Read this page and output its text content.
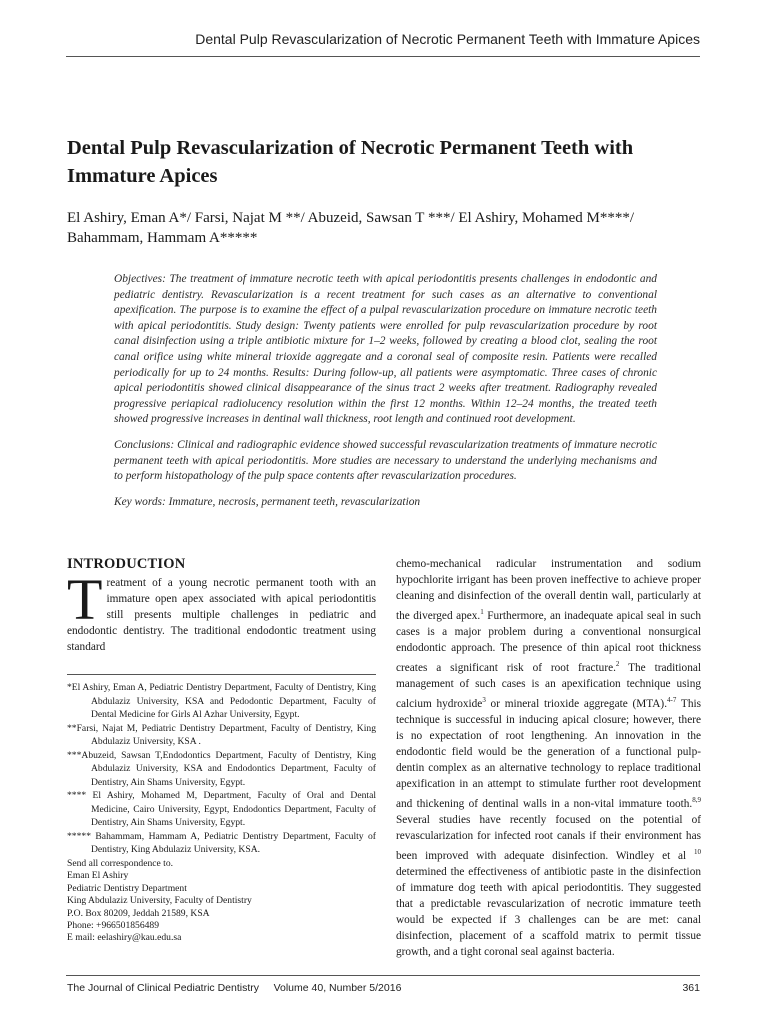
Dental Pulp Revascularization of Necrotic Permanent Teeth with Immature Apices
Dental Pulp Revascularization of Necrotic Permanent Teeth with Immature Apices

El Ashiry, Eman A*/ Farsi, Najat M **/ Abuzeid, Sawsan T ***/ El Ashiry, Mohamed M****/ Bahammam, Hammam A*****

Objectives: The treatment of immature necrotic teeth with apical periodontitis presents challenges in endodontic and pediatric dentistry. Revascularization is a recent treatment for such cases as an alternative to conventional apexification. The purpose is to examine the effect of a pulpal revascularization procedure on immature necrotic teeth with apical periodontitis. Study design: Twenty patients were enrolled for pulp revascularization procedure by root canal disinfection using a triple antibiotic mixture for 1–2 weeks, followed by creating a blood clot, sealing the root canal orifice using white mineral trioxide aggregate and a coronal seal of composite resin. Patients were recalled periodically for up to 24 months. Results: During follow-up, all patients were asymptomatic. Three cases of chronic apical periodontitis showed clinical disappearance of the sinus tract 2 weeks after treatment. Radiography revealed progressive periapical radiolucency resolution within the first 12 months. Within 12–24 months, the treated teeth showed progressive increases in dentinal wall thickness, root length and continued root development.

Conclusions: Clinical and radiographic evidence showed successful revascularization treatments of immature necrotic permanent teeth with apical periodontitis. More studies are necessary to understand the underlying mechanisms and to perform histopathology of the pulp space contents after revascularization procedures.

Key words: Immature, necrosis, permanent teeth, revascularization

INTRODUCTION

Treatment of a young necrotic permanent tooth with an immature open apex associated with apical periodontitis still presents multiple challenges in pediatric and endodontic dentistry. The traditional endodontic treatment using standard

*El Ashiry, Eman A, Pediatric Dentistry Department, Faculty of Dentistry, King Abdulaziz University, KSA and Pedodontic Department, Faculty of Dental Medicine for Girls Al Azhar University, Egypt.

**Farsi, Najat M, Pediatric Dentistry Department, Faculty of Dentistry, King Abdulaziz University, KSA .

***Abuzeid, Sawsan T,Endodontics Department, Faculty of Dentistry, King Abdulaziz University, KSA and Endodontics Department, Faculty of Dentistry, Ain Shams University, Egypt.

**** El Ashiry, Mohamed M, Department, Faculty of Oral and Dental Medicine, Cairo University, Egypt, Endodontics Department, Faculty of Dentistry, Ain Shams University, Egypt.

***** Bahammam, Hammam A, Pediatric Dentistry Department, Faculty of Dentistry, King Abdulaziz University, KSA.

Send all correspondence to.
Eman El Ashiry
Pediatric Dentistry Department
King Abdulaziz University, Faculty of Dentistry
P.O. Box 80209, Jeddah 21589, KSA
Phone: +966501856489
E mail: eelashiry@kau.edu.sa

chemo-mechanical radicular instrumentation and sodium hypochlorite irrigant has been proven ineffective to achieve proper cleaning and disinfection of the overall dentin wall, particularly at the diverged apex.$^1$ Furthermore, an inadequate apical seal in such cases is a major problem during a conventional nonsurgical endodontic approach. The presence of thin apical root thickness creates a significant risk of root fracture.$^2$ The traditional management of such cases is an apexification technique using calcium hydroxide$^3$ or mineral trioxide aggregate (MTA).$^{4-7}$ This technique is successful in inducing apical closure; however, there is no expectation of root lengthening. An innovation in the endodontic field would be the generation of a functional pulp-dentin complex as an alternative technology to replace traditional apexification in an attempt to stimulate further root development and thickening of dentinal walls in a non-vital immature tooth.$^{8,9}$ Several studies have recently focused on the potential of revascularization for infected root canals if their environment has been improved with adequate disinfection. Windley et al $^{10}$ determined the effectiveness of antibiotic paste in the disinfection of immature dog teeth with apical periodontitis. They suggested that a predictable revascularization of necrotic immature teeth would be expected if 3 challenges can be are met: canal disinfection, placement of a scaffold matrix to permit tissue growth, and a tight coronal seal against bacteria.

The Journal of Clinical Pediatric Dentistry     Volume 40, Number 5/2016	361
